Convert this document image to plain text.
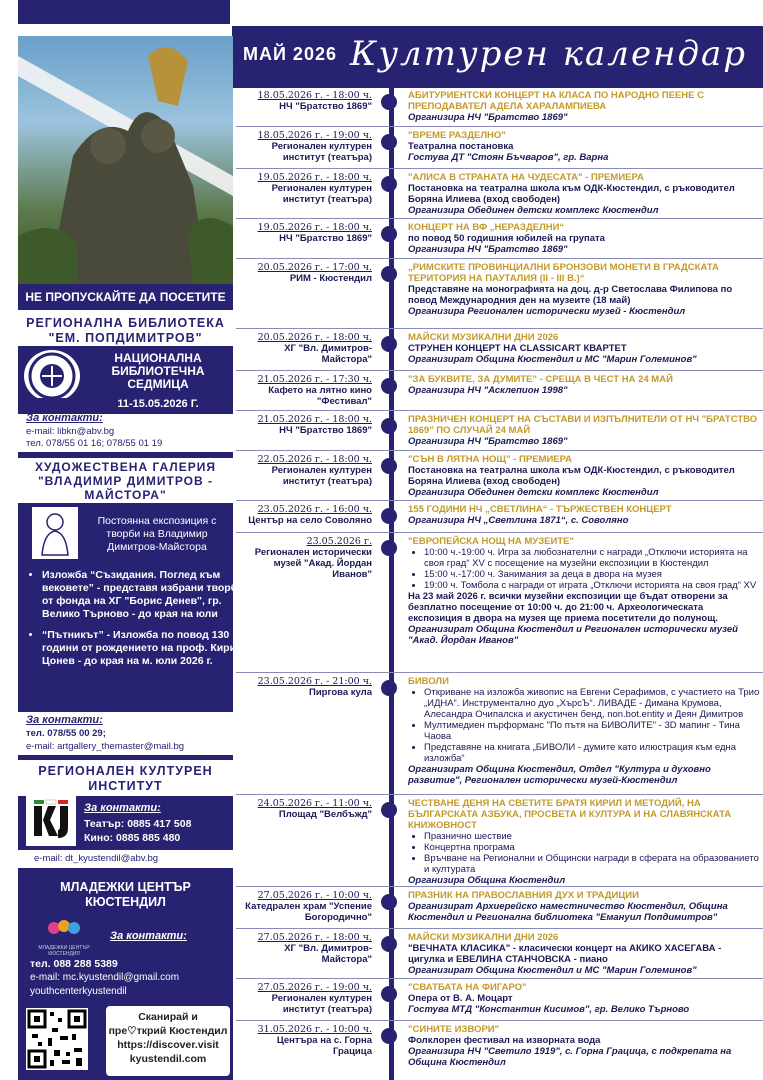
МАЙ 2026 Културен календар
НЕ ПРОПУСКАЙТЕ ДА ПОСЕТИТЕ
РЕГИОНАЛНА БИБЛИОТЕКА
"ЕМ. ПОПДИМИТРОВ"
НАЦИОНАЛНА
БИБЛИОТЕЧНА
СЕДМИЦА
11-15.05.2026 Г.
За контакти:
e-mail: libkn@abv.bg
тел. 078/55 01 16; 078/55 01 19
ХУДОЖЕСТВЕНА ГАЛЕРИЯ
"ВЛАДИМИР ДИМИТРОВ -
МАЙСТОРА"
Постоянна експозиция с творби на Владимир Димитров-Майстора
• Изложба “Съзидания. Поглед към вековете” - представя избрани творби от фонда на ХГ "Борис Денев", гр. Велико Търново - до края на юли
• “Пътникът” - Изложба по повод 130 години от рождението на проф. Кирил Цонев - до края на м. юли 2026 г.
За контакти:
тел. 078/55 00 29;
e-mail: artgallery_themaster@mail.bg
РЕГИОНАЛЕН КУЛТУРЕН
ИНСТИТУТ
За контакти:
Театър: 0885 417 508
Кино: 0885 885 480
e-mail: dt_kyustendil@abv.bg
МЛАДЕЖКИ ЦЕНТЪР
КЮСТЕНДИЛ
МЛАДЕЖКИ ЦЕНТЪР КЮСТЕНДИЛ
За контакти:
тел. 088 288 5389
e-mail: mc.kyustendil@gmail.com
youthcenterkyustendil
Сканирай и
пре♡ткрий Кюстендил
https://discover.visit
kyustendil.com
18.05.2026 г. - 18:00 ч.
НЧ "Братство 1869"
АБИТУРИЕНТСКИ КОНЦЕРТ НА КЛАСА ПО НАРОДНО ПЕЕНЕ С ПРЕПОДАВАТЕЛ АДЕЛА ХАРАЛАМПИЕВА
Организира НЧ "Братство 1869"
18.05.2026 г. - 19:00 ч.
Регионален културен институт (театъра)
"ВРЕМЕ РАЗДЕЛНО"
Театрална постановка
Гостува ДТ "Стоян Бъчваров", гр. Варна
19.05.2026 г. - 18:00 ч.
Регионален културен институт (театъра)
"АЛИСА В СТРАНАТА НА ЧУДЕСАТА" - ПРЕМИЕРА
Постановка на театрална школа към ОДК-Кюстендил, с ръководител Боряна Илиева (вход свободен)
Организира Обединен детски комплекс Кюстендил
19.05.2026 г. - 18:00 ч.
НЧ "Братство 1869"
КОНЦЕРТ НА ВФ „НЕРАЗДЕЛНИ“
по повод 50 годишния юбилей на групата
Организира НЧ "Братство 1869"
20.05.2026 г. - 17:00 ч.
РИМ - Кюстендил
„РИМСКИТЕ ПРОВИНЦИАЛНИ БРОНЗОВИ МОНЕТИ В ГРАДСКАТА ТЕРИТОРИЯ НА ПАУТАЛИЯ (II - III В.)“
Представяне на монографията на доц. д-р Светослава Филипова по повод Международния ден на музеите (18 май)
Организира Регионален исторически музей - Кюстендил
20.05.2026 г. - 18:00 ч.
ХГ "Вл. Димитров-Майстора"
МАЙСКИ МУЗИКАЛНИ ДНИ 2026
СТРУНЕН КОНЦЕРТ НА CLASSICART КВАРТЕТ
Организират Община Кюстендил и МС "Марин Големинов"
21.05.2026 г. - 17:30 ч.
Кафето на лятно кино "Фестивал"
"ЗА БУКВИТЕ, ЗА ДУМИТЕ" - СРЕЩА В ЧЕСТ НА 24 МАЙ
Организира НЧ "Асклепион 1998"
21.05.2026 г. - 18:00 ч.
НЧ "Братство 1869"
ПРАЗНИЧЕН КОНЦЕРТ НА СЪСТАВИ И ИЗПЪЛНИТЕЛИ ОТ НЧ "БРАТСТВО 1869" ПО СЛУЧАЙ 24 МАЙ
Организира НЧ "Братство 1869"
22.05.2026 г. - 18:00 ч.
Регионален културен институт (театъра)
"СЪН В ЛЯТНА НОЩ" - ПРЕМИЕРА
Постановка на театрална школа към ОДК-Кюстендил, с ръководител Боряна Илиева (вход свободен)
Организира Обединен детски комплекс Кюстендил
23.05.2026 г. - 16:00 ч.
Център на село Соволяно
155 ГОДИНИ НЧ „СВЕТЛИНА“ - ТЪРЖЕСТВЕН КОНЦЕРТ
Организира НЧ „Светлина 1871“, с. Соволяно
23.05.2026 г.
Регионален исторически музей "Акад. Йордан Иванов"
"ЕВРОПЕЙСКА НОЩ НА МУЗЕИТЕ"
• 10:00 ч.-19:00 ч. Игра за любознателни с награди „Отключи историята на своя град“ XV с посещение на музейни експозиции в Кюстендил
• 15:00 ч.-17:00 ч. Занимания за деца в двора на музея
• 19:00 ч. Томбола с награди от играта „Отключи историята на своя град“ XV
На 23 май 2026 г. всички музейни експозиции ще бъдат отворени за безплатно посещение от 10:00 ч. до 21:00 ч. Археологическата експозиция в двора на музея ще приема посетители до полунощ.
Организират Община Кюстендил и Регионален исторически музей "Акад. Йордан Иванов"
23.05.2026 г. - 21:00 ч.
Пиргова кула
БИВОЛИ
• Откриване на изложба живопис на Евгени Серафимов, с участието на Трио „ИДНА“. Инструментално дуо „ХърсЪ“. ЛИВАДЕ - Димана Крумова, Алесандра Очипалска и акустичен бенд, non.bot.entity и Деян Димитров
• Мултимедиен пърформанс "По пътя на БИВОЛИТЕ" - 3D мапинг - Тина Чаова
• Представяне на книгата „БИВОЛИ - думите като илюстрация към една изложба“
Организират Община Кюстендил, Отдел "Култура и духовно развитие", Регионален исторически музей-Кюстендил
24.05.2026 г. - 11:00 ч.
Площад "Велбъжд"
ЧЕСТВАНЕ ДЕНЯ НА СВЕТИТЕ БРАТЯ КИРИЛ И МЕТОДИЙ, НА БЪЛГАРСКАТА АЗБУКА, ПРОСВЕТА И КУЛТУРА И НА СЛАВЯНСКАТА КНИЖОВНОСТ
• Празнично шествие
• Концертна програма
• Връчване на Регионални и Общински награди в сферата на образованието и културата
Организира Община Кюстендил
27.05.2026 г. - 10:00 ч.
Катедрален храм "Успение Богородично"
ПРАЗНИК НА ПРАВОСЛАВНИЯ ДУХ И ТРАДИЦИИ
Организират Архиерейско наместничество Кюстендил, Община Кюстендил и Регионална библиотека "Емануил Попдимитров"
27.05.2026 г. - 18:00 ч.
ХГ "Вл. Димитров-Майстора"
МАЙСКИ МУЗИКАЛНИ ДНИ 2026
"ВЕЧНАТА КЛАСИКА" - класически концерт на АКИКО ХАСЕГАВА - цигулка и ЕВЕЛИНА СТАНЧОВСКА - пиано
Организират Община Кюстендил и МС "Марин Големинов"
27.05.2026 г. - 19:00 ч.
Регионален културен институт (театъра)
"СВАТБАТА НА ФИГАРО"
Опера от В. А. Моцарт
Гостува МТД "Константин Кисимов", гр. Велико Търново
31.05.2026 г. - 10:00 ч.
Центъра на с. Горна Грацица
"СИНИТЕ ИЗВОРИ"
Фолклорен фестивал на изворната вода
Организира НЧ "Светило 1919", с. Горна Грацица, с подкрепата на Община Кюстендил
